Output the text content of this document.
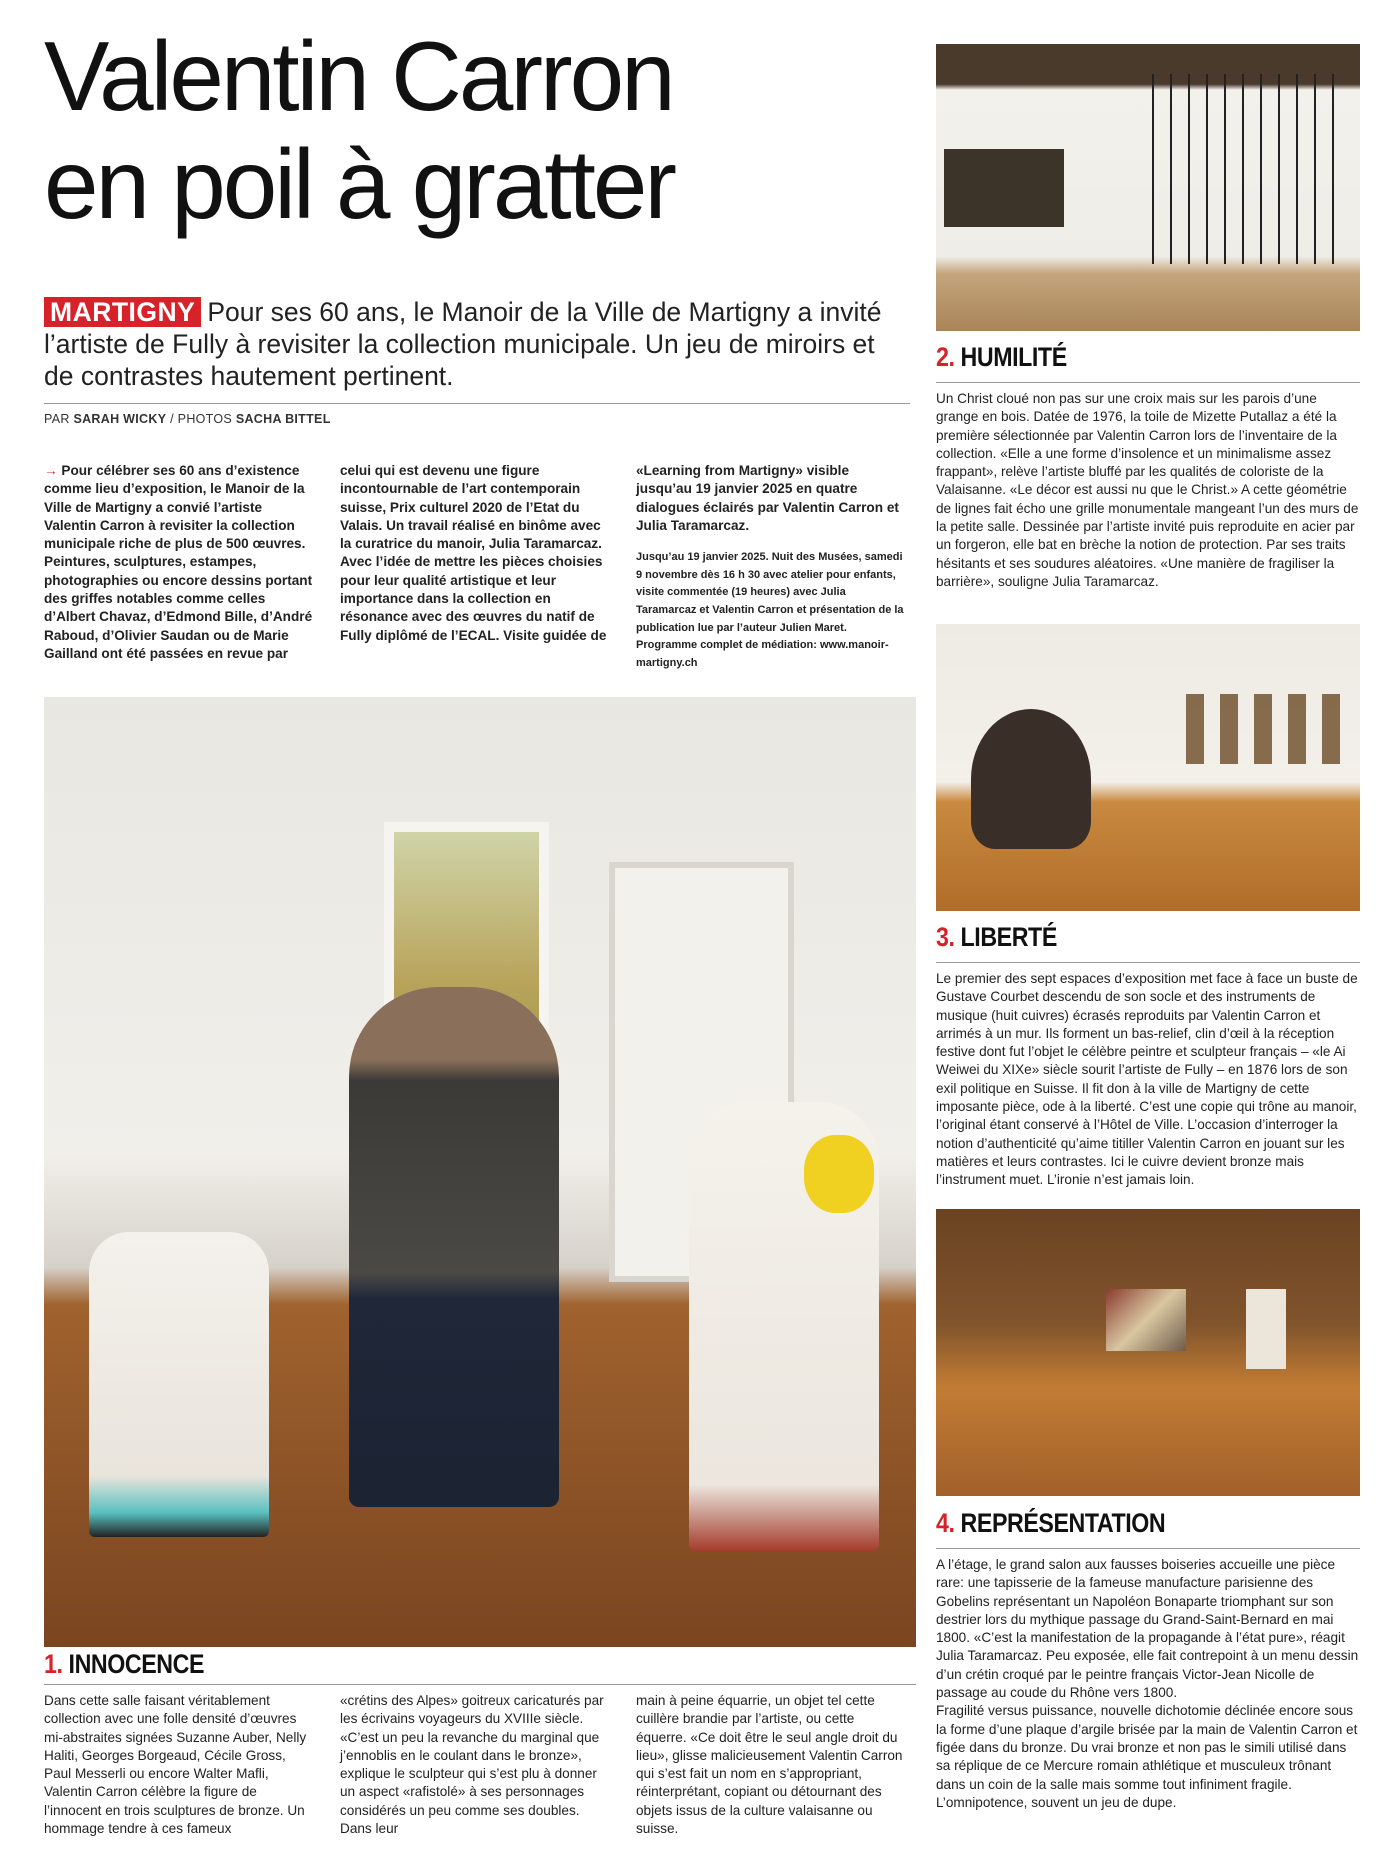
Valentin Carron
en poil à gratter

MARTIGNY Pour ses 60 ans, le Manoir de la Ville de Martigny a invité l’artiste de Fully à revisiter la collection municipale. Un jeu de miroirs et de contrastes hautement pertinent.

PAR SARAH WICKY / PHOTOS SACHA BITTEL

→ Pour célébrer ses 60 ans d’existence comme lieu d’exposition, le Manoir de la Ville de Martigny a convié l’artiste Valentin Carron à revisiter la collection municipale riche de plus de 500 œuvres. Peintures, sculptures, estampes, photographies ou encore dessins portant des griffes notables comme celles d’Albert Chavaz, d’Edmond Bille, d’André Raboud, d’Olivier Saudan ou de Marie Gailland ont été passées en revue par

celui qui est devenu une figure incontournable de l’art contemporain suisse, Prix culturel 2020 de l’Etat du Valais. Un travail réalisé en binôme avec la curatrice du manoir, Julia Taramarcaz. Avec l’idée de mettre les pièces choisies pour leur qualité artistique et leur importance dans la collection en résonance avec des œuvres du natif de Fully diplômé de l’ECAL. Visite guidée de

«Learning from Martigny» visible jusqu’au 19 janvier 2025 en quatre dialogues éclairés par Valentin Carron et Julia Taramarcaz.

Jusqu’au 19 janvier 2025. Nuit des Musées, samedi 9 novembre dès 16 h 30 avec atelier pour enfants, visite commentée (19 heures) avec Julia Taramarcaz et Valentin Carron et présentation de la publication lue par l’auteur Julien Maret. Programme complet de médiation: www.manoir-martigny.ch

1. INNOCENCE

Dans cette salle faisant véritablement collection avec une folle densité d’œuvres mi-abstraites signées Suzanne Auber, Nelly Haliti, Georges Borgeaud, Cécile Gross, Paul Messerli ou encore Walter Mafli, Valentin Carron célèbre la figure de l’innocent en trois sculptures de bronze. Un hommage tendre à ces fameux

«crétins des Alpes» goitreux caricaturés par les écrivains voyageurs du XVIIIe siècle. «C’est un peu la revanche du marginal que j’ennoblis en le coulant dans le bronze», explique le sculpteur qui s’est plu à donner un aspect «rafistolé» à ses personnages considérés un peu comme ses doubles. Dans leur

main à peine équarrie, un objet tel cette cuillère brandie par l’artiste, ou cette équerre. «Ce doit être le seul angle droit du lieu», glisse malicieusement Valentin Carron qui s’est fait un nom en s’appropriant, réinterprétant, copiant ou détournant des objets issus de la culture valaisanne ou suisse.

2. HUMILITÉ

Un Christ cloué non pas sur une croix mais sur les parois d’une grange en bois. Datée de 1976, la toile de Mizette Putallaz a été la première sélectionnée par Valentin Carron lors de l’inventaire de la collection. «Elle a une forme d’insolence et un minimalisme assez frappant», relève l’artiste bluffé par les qualités de coloriste de la Valaisanne. «Le décor est aussi nu que le Christ.» A cette géométrie de lignes fait écho une grille monumentale mangeant l’un des murs de la petite salle. Dessinée par l’artiste invité puis reproduite en acier par un forgeron, elle bat en brèche la notion de protection. Par ses traits hésitants et ses soudures aléatoires. «Une manière de fragiliser la barrière», souligne Julia Taramarcaz.

3. LIBERTÉ

Le premier des sept espaces d’exposition met face à face un buste de Gustave Courbet descendu de son socle et des instruments de musique (huit cuivres) écrasés reproduits par Valentin Carron et arrimés à un mur. Ils forment un bas-relief, clin d’œil à la réception festive dont fut l’objet le célèbre peintre et sculpteur français – «le Ai Weiwei du XIXe» siècle sourit l’artiste de Fully – en 1876 lors de son exil politique en Suisse. Il fit don à la ville de Martigny de cette imposante pièce, ode à la liberté. C’est une copie qui trône au manoir, l’original étant conservé à l’Hôtel de Ville. L’occasion d’interroger la notion d’authenticité qu’aime titiller Valentin Carron en jouant sur les matières et leurs contrastes. Ici le cuivre devient bronze mais l’instrument muet. L’ironie n’est jamais loin.

4. REPRÉSENTATION

A l’étage, le grand salon aux fausses boiseries accueille une pièce rare: une tapisserie de la fameuse manufacture parisienne des Gobelins représentant un Napoléon Bonaparte triomphant sur son destrier lors du mythique passage du Grand-Saint-Bernard en mai 1800. «C’est la manifestation de la propagande à l’état pure», réagit Julia Taramarcaz. Peu exposée, elle fait contrepoint à un menu dessin d’un crétin croqué par le peintre français Victor-Jean Nicolle de passage au coude du Rhône vers 1800.

Fragilité versus puissance, nouvelle dichotomie déclinée encore sous la forme d’une plaque d’argile brisée par la main de Valentin Carron et figée dans du bronze. Du vrai bronze et non pas le simili utilisé dans sa réplique de ce Mercure romain athlétique et musculeux trônant dans un coin de la salle mais somme tout infiniment fragile. L’omnipotence, souvent un jeu de dupe.
